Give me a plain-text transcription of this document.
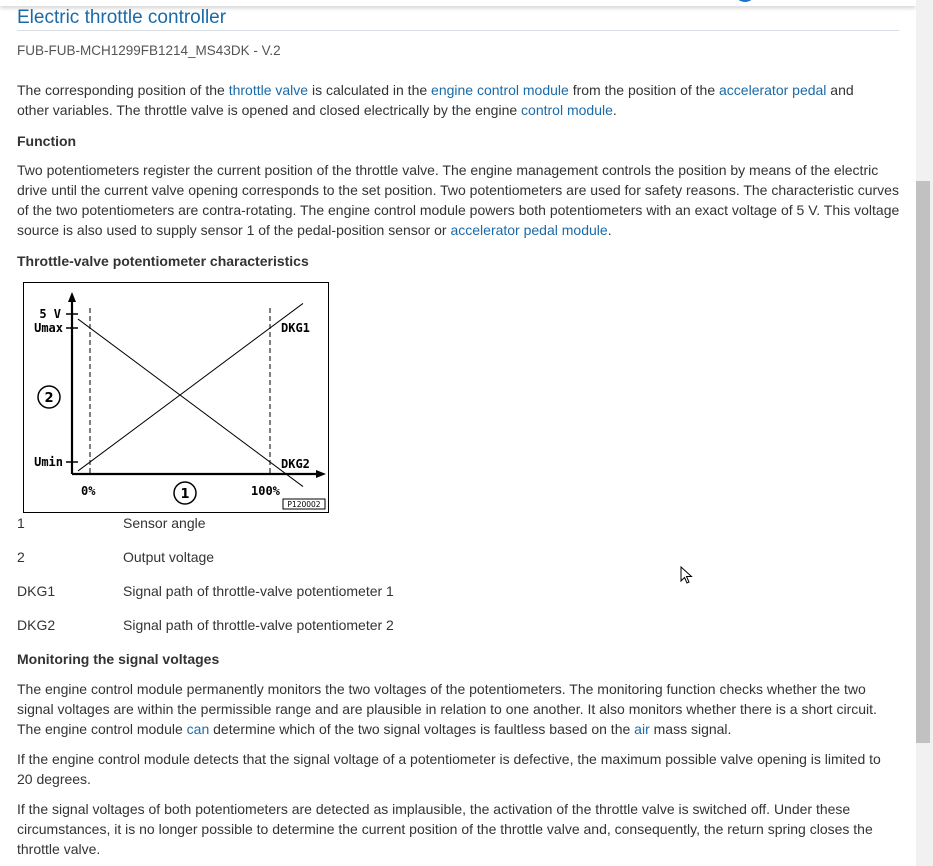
Electric throttle controller
FUB-FUB-MCH1299FB1214_MS43DK - V.2

The corresponding position of the throttle valve is calculated in the engine control module from the position of the accelerator pedal and other variables. The throttle valve is opened and closed electrically by the engine control module.

Function

Two potentiometers register the current position of the throttle valve. The engine management controls the position by means of the electric drive until the current valve opening corresponds to the set position. Two potentiometers are used for safety reasons. The characteristic curves of the two potentiometers are contra-rotating. The engine control module powers both potentiometers with an exact voltage of 5 V. This voltage source is also used to supply sensor 1 of the pedal-position sensor or accelerator pedal module.

Throttle-valve potentiometer characteristics
5 V
Umax
Umin
0%	100%
DKG1
DKG2
2
1
P120002
1	Sensor angle
2	Output voltage
DKG1	Signal path of throttle-valve potentiometer 1
DKG2	Signal path of throttle-valve potentiometer 2
Monitoring the signal voltages

The engine control module permanently monitors the two voltages of the potentiometers. The monitoring function checks whether the two signal voltages are within the permissible range and are plausible in relation to one another. It also monitors whether there is a short circuit. The engine control module can determine which of the two signal voltages is faultless based on the air mass signal.

If the engine control module detects that the signal voltage of a potentiometer is defective, the maximum possible valve opening is limited to 20 degrees.

If the signal voltages of both potentiometers are detected as implausible, the activation of the throttle valve is switched off. Under these circumstances, it is no longer possible to determine the current position of the throttle valve and, consequently, the return spring closes the throttle valve.
